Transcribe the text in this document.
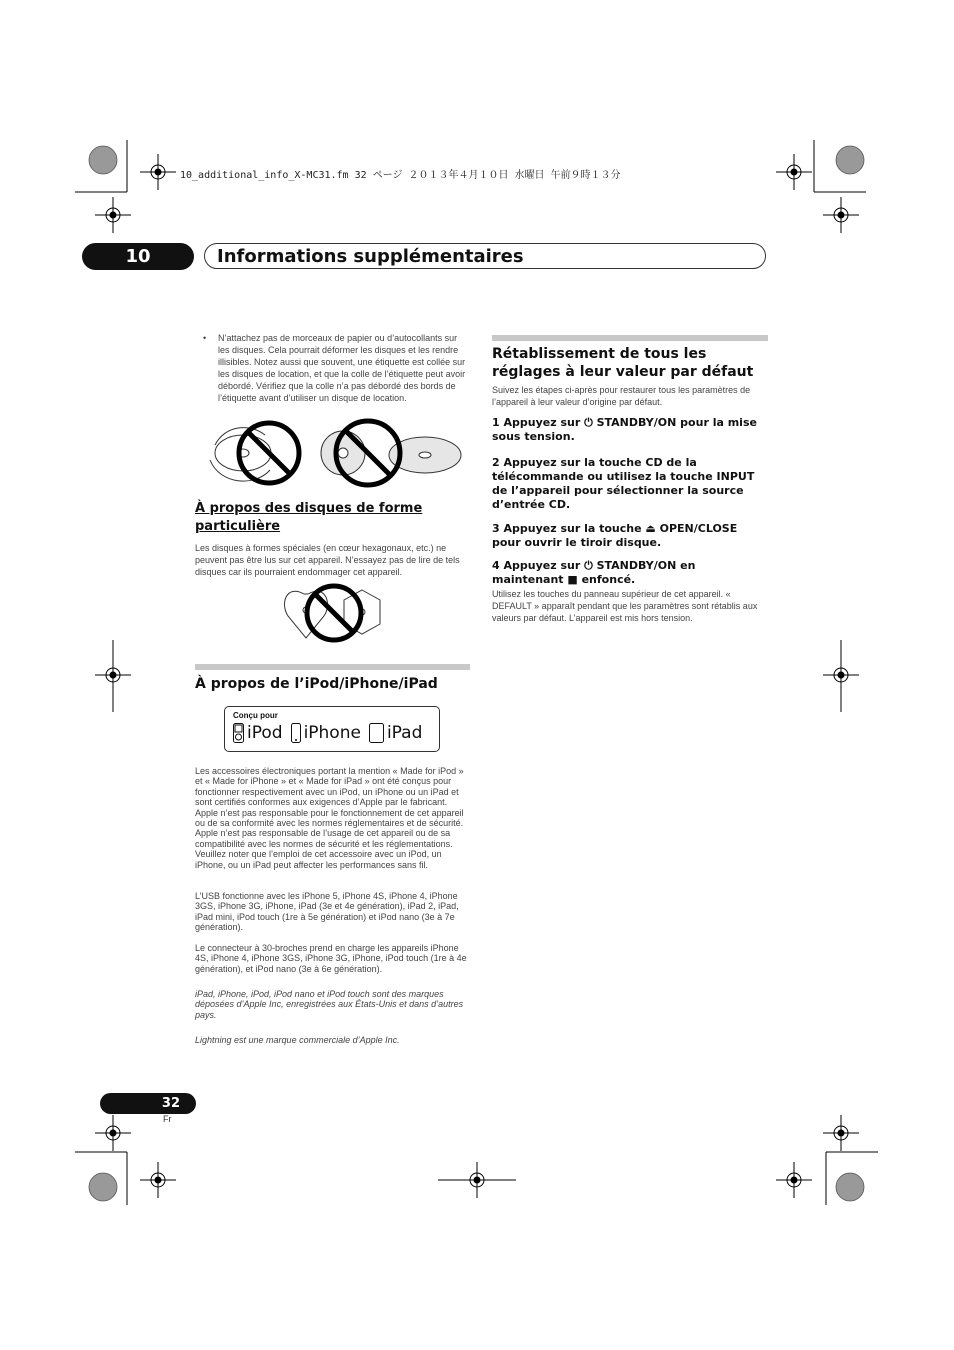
10_additional_info_X-MC31.fm 32 ページ ２０１３年４月１０日 水曜日 午前９時１３分
10	Informations supplémentaires
•	N’attachez pas de morceaux de papier ou d’autocollants sur les disques. Cela pourrait déformer les disques et les rendre illisibles. Notez aussi que souvent, une étiquette est collée sur les disques de location, et que la colle de l’étiquette peut avoir débordé. Vérifiez que la colle n’a pas débordé des bords de l’étiquette avant d’utiliser un disque de location.
À propos des disques de forme particulière
Les disques à formes spéciales (en cœur hexagonaux, etc.) ne peuvent pas être lus sur cet appareil. N’essayez pas de lire de tels disques car ils pourraient endommager cet appareil.
À propos de l’iPod/iPhone/iPad
Conçu pour
iPod iPhone iPad
Les accessoires électroniques portant la mention « Made for iPod » et « Made for iPhone » et « Made for iPad » ont été conçus pour fonctionner respectivement avec un iPod, un iPhone ou un iPad et sont certifiés conformes aux exigences d’Apple par le fabricant. Apple n’est pas responsable pour le fonctionnement de cet appareil ou de sa conformité avec les normes réglementaires et de sécurité. Apple n’est pas responsable de l’usage de cet appareil ou de sa compatibilité avec les normes de sécurité et les réglementations. Veuillez noter que l’emploi de cet accessoire avec un iPod, un iPhone, ou un iPad peut affecter les performances sans fil.
L’USB fonctionne avec les iPhone 5, iPhone 4S, iPhone 4, iPhone 3GS, iPhone 3G, iPhone, iPad (3e et 4e génération), iPad 2, iPad, iPad mini, iPod touch (1re à 5e génération) et iPod nano (3e à 7e génération).
Le connecteur à 30-broches prend en charge les appareils iPhone 4S, iPhone 4, iPhone 3GS, iPhone 3G, iPhone, iPod touch (1re à 4e génération), et iPod nano (3e à 6e génération).
iPad, iPhone, iPod, iPod nano et iPod touch sont des marques déposées d’Apple Inc, enregistrées aux États-Unis et dans d’autres pays.
Lightning est une marque commerciale d’Apple Inc.
Rétablissement de tous les réglages à leur valeur par défaut
Suivez les étapes ci-après pour restaurer tous les paramètres de l’appareil à leur valeur d’origine par défaut.
1 Appuyez sur ⏻ STANDBY/ON pour la mise sous tension.
2 Appuyez sur la touche CD de la télécommande ou utilisez la touche INPUT de l’appareil pour sélectionner la source d’entrée CD.
3 Appuyez sur la touche ⏏ OPEN/CLOSE pour ouvrir le tiroir disque.
4 Appuyez sur ⏻ STANDBY/ON en maintenant ■ enfoncé.
Utilisez les touches du panneau supérieur de cet appareil. « DEFAULT » apparaît pendant que les paramètres sont rétablis aux valeurs par défaut. L’appareil est mis hors tension.
32
Fr
